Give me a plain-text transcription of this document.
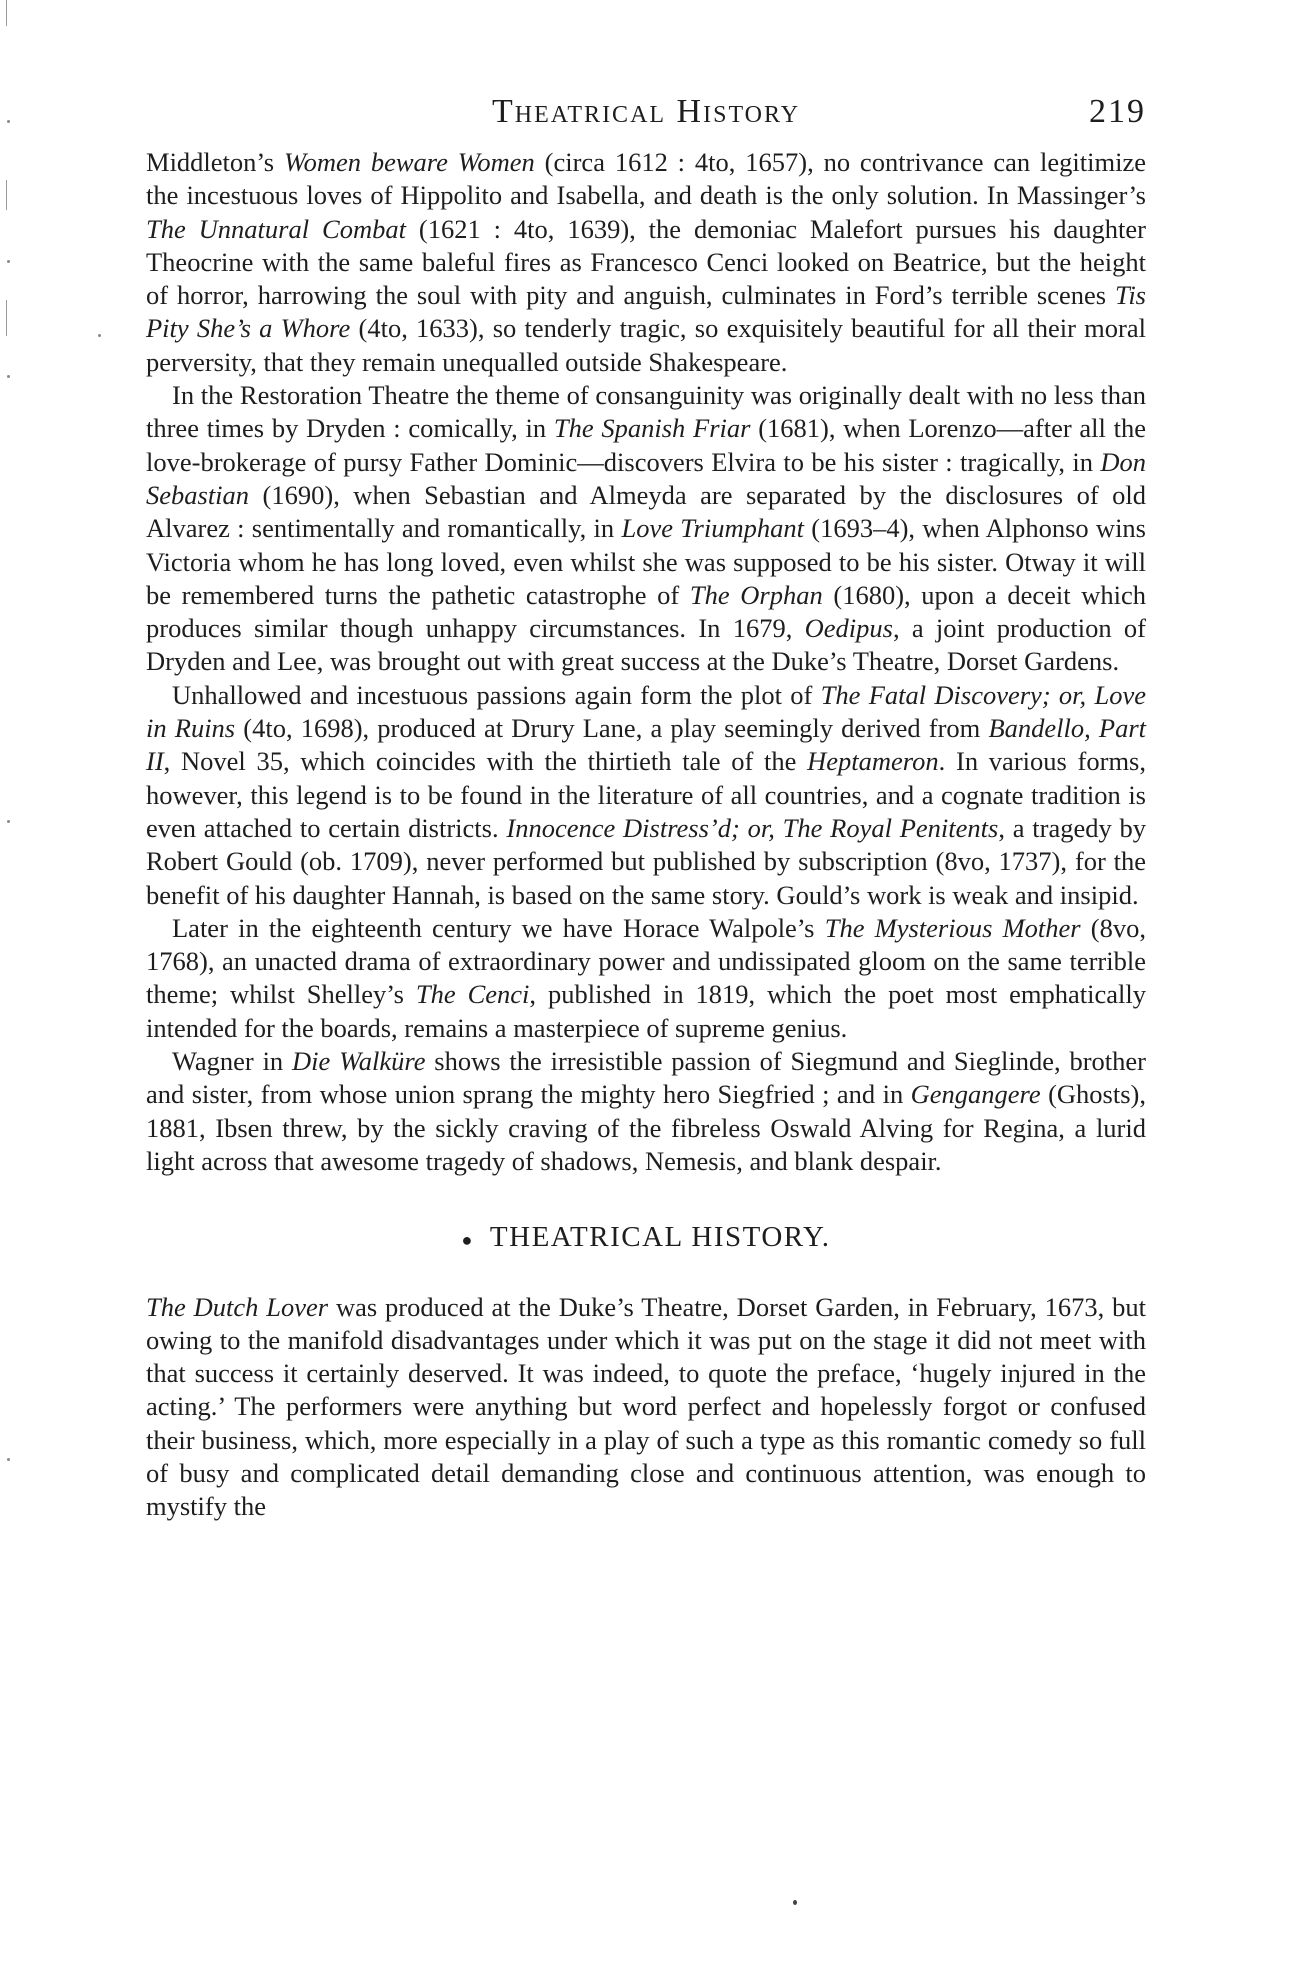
Theatrical History	219

Middleton’s Women beware Women (circa 1612 : 4to, 1657), no contrivance can legitimize the incestuous loves of Hippolito and Isabella, and death is the only solution. In Massinger’s The Unnatural Combat (1621 : 4to, 1639), the demoniac Malefort pursues his daughter Theocrine with the same baleful fires as Francesco Cenci looked on Beatrice, but the height of horror, harrowing the soul with pity and anguish, culminates in Ford’s terrible scenes Tis Pity She’s a Whore (4to, 1633), so tenderly tragic, so exquisitely beautiful for all their moral perversity, that they remain unequalled outside Shakespeare.

In the Restoration Theatre the theme of consanguinity was originally dealt with no less than three times by Dryden : comically, in The Spanish Friar (1681), when Lorenzo—after all the love-brokerage of pursy Father Dominic—discovers Elvira to be his sister : tragically, in Don Sebastian (1690), when Sebastian and Almeyda are separated by the disclosures of old Alvarez : sentimentally and romantically, in Love Triumphant (1693–4), when Alphonso wins Victoria whom he has long loved, even whilst she was supposed to be his sister. Otway it will be remembered turns the pathetic catastrophe of The Orphan (1680), upon a deceit which produces similar though unhappy circumstances. In 1679, Oedipus, a joint production of Dryden and Lee, was brought out with great success at the Duke’s Theatre, Dorset Gardens.

Unhallowed and incestuous passions again form the plot of The Fatal Discovery; or, Love in Ruins (4to, 1698), produced at Drury Lane, a play seemingly derived from Bandello, Part II, Novel 35, which coincides with the thirtieth tale of the Heptameron. In various forms, however, this legend is to be found in the literature of all countries, and a cognate tradition is even attached to certain districts. Innocence Distress’d; or, The Royal Penitents, a tragedy by Robert Gould (ob. 1709), never performed but published by subscription (8vo, 1737), for the benefit of his daughter Hannah, is based on the same story. Gould’s work is weak and insipid.

Later in the eighteenth century we have Horace Walpole’s The Mysterious Mother (8vo, 1768), an unacted drama of extraordinary power and undissipated gloom on the same terrible theme; whilst Shelley’s The Cenci, published in 1819, which the poet most emphatically intended for the boards, remains a masterpiece of supreme genius.

Wagner in Die Walküre shows the irresistible passion of Siegmund and Sieglinde, brother and sister, from whose union sprang the mighty hero Siegfried ; and in Gengangere (Ghosts), 1881, Ibsen threw, by the sickly craving of the fibreless Oswald Alving for Regina, a lurid light across that awesome tragedy of shadows, Nemesis, and blank despair.

● THEATRICAL HISTORY.

The Dutch Lover was produced at the Duke’s Theatre, Dorset Garden, in February, 1673, but owing to the manifold disadvantages under which it was put on the stage it did not meet with that success it certainly deserved. It was indeed, to quote the preface, ‘hugely injured in the acting.’ The performers were anything but word perfect and hopelessly forgot or confused their business, which, more especially in a play of such a type as this romantic comedy so full of busy and complicated detail demanding close and continuous attention, was enough to mystify the
